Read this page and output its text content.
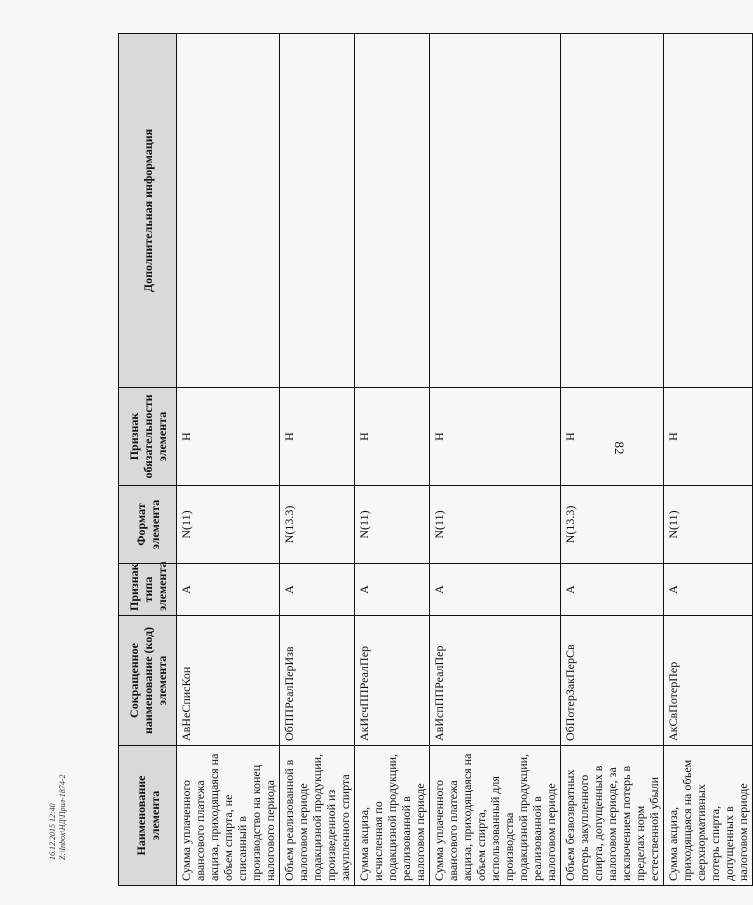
82
Наименование элемента	Сокращенное наименование (код) элемента	Признак типа элемента	Формат элемента	Признак обязательности элемента	Дополнительная информация
Сумма уплаченного авансового платежа акциза, приходящаяся на объем спирта, не списанный в производство на конец налогового периода	АвНеСписКон	А	N(11)	Н	
Объем реализованной в налоговом периоде подакцизной продукции, произведенной из закупленного спирта	ОбППРеалПерИзв	А	N(13.3)	Н	
Сумма акциза, исчисленная по подакцизной продукции, реализованной в налоговом периоде	АкИсчППРеалПер	А	N(11)	Н	
Сумма уплаченного авансового платежа акциза, приходящаяся на объем спирта, использованный для производства подакцизной продукции, реализованной в налоговом периоде	АвИспППРеалПер	А	N(11)	Н	
Объем безвозвратных потерь закупленного спирта, допущенных в налоговом периоде, за исключением потерь в пределах норм естественной убыли	ОбПотерЗакПерСв	А	N(13.3)	Н	
Сумма акциза, приходящаяся на объем сверхнормативных потерь спирта, допущенных в налоговом периоде	АкСвПотерПер	А	N(11)	Н	
16.12.2015 12:40 Z:\Inbox\НД\Прил-1874-2
